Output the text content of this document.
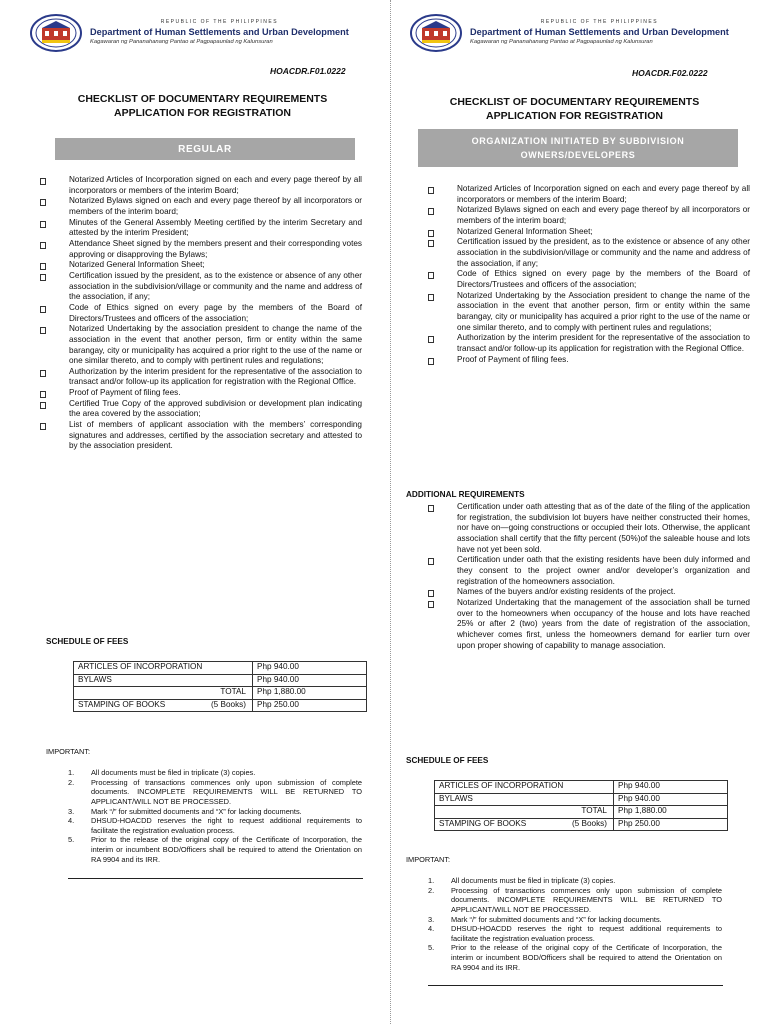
REPUBLIC OF THE PHILIPPINES
Department of Human Settlements and Urban Development
Kagawaran ng Pananahanang Pantao at Pagpapaunlad ng Kalunsuran
HOACDR.F01.0222
CHECKLIST OF DOCUMENTARY REQUIREMENTS
APPLICATION FOR REGISTRATION
REGULAR
Notarized Articles of Incorporation signed on each and every page thereof by all incorporators or members of the interim Board;
Notarized Bylaws signed on each and every page thereof by all incorporators or members of the interim board;
Minutes of the General Assembly Meeting certified by the interim Secretary and attested by the interim President;
Attendance Sheet signed by the members present and their corresponding votes approving or disapproving the Bylaws;
Notarized General Information Sheet;
Certification issued by the president, as to the existence or absence of any other association in the subdivision/village or community and the name and address of the association, if any;
Code of Ethics signed on every page by the members of the Board of Directors/Trustees and officers of the association;
Notarized Undertaking by the association president to change the name of the association in the event that another person, firm or entity within the same barangay, city or municipality has acquired a prior right to the use of the name or one similar thereto, and to comply with pertinent rules and regulations;
Authorization by the interim president for the representative of the association to transact and/or follow-up its application for registration with the Regional Office.
Proof of Payment of filing fees.
Certified True Copy of the approved subdivision or development plan indicating the area covered by the association;
List of members of applicant association with the members’ corresponding signatures and addresses, certified by the association secretary and attested to by the association president.
SCHEDULE OF FEES
ARTICLES OF INCORPORATION	Php 940.00
BYLAWS	Php 940.00
TOTAL	Php 1,880.00
STAMPING OF BOOKS (5 Books)	Php 250.00
IMPORTANT:
1. All documents must be filed in triplicate (3) copies.
2. Processing of transactions commences only upon submission of complete documents. INCOMPLETE REQUIREMENTS WILL BE RETURNED TO APPLICANT/WILL NOT BE PROCESSED.
3. Mark “/” for submitted documents and “X” for lacking documents.
4. DHSUD-HOACDD reserves the right to request additional requirements to facilitate the registration evaluation process.
5. Prior to the release of the original copy of the Certificate of Incorporation, the interim or incumbent BOD/Officers shall be required to attend the Orientation on RA 9904 and its IRR.
REPUBLIC OF THE PHILIPPINES
Department of Human Settlements and Urban Development
Kagawaran ng Pananahanang Pantao at Pagpapaunlad ng Kalunsuran
HOACDR.F02.0222
CHECKLIST OF DOCUMENTARY REQUIREMENTS
APPLICATION FOR REGISTRATION
ORGANIZATION INITIATED BY SUBDIVISION
OWNERS/DEVELOPERS
Notarized Articles of Incorporation signed on each and every page thereof by all incorporators or members of the interim Board;
Notarized Bylaws signed on each and every page thereof by all incorporators or members of the interim board;
Notarized General Information Sheet;
Certification issued by the president, as to the existence or absence of any other association in the subdivision/village or community and the name and address of the association, if any;
Code of Ethics signed on every page by the members of the Board of Directors/Trustees and officers of the association;
Notarized Undertaking by the Association president to change the name of the association in the event that another person, firm or entity within the same barangay, city or municipality has acquired a prior right to the use of the name or one similar thereto, and to comply with pertinent rules and regulations;
Authorization by the interim president for the representative of the association to transact and/or follow-up its application for registration with the Regional Office.
Proof of Payment of filing fees.
ADDITIONAL REQUIREMENTS
Certification under oath attesting that as of the date of the filing of the application for registration, the subdivision lot buyers have neither constructed their homes, nor have on—going constructions or occupied their lots. Otherwise, the applicant association shall certify that the fifty percent (50%)of the saleable house and lots have not yet been sold.
Certification under oath that the existing residents have been duly informed and they consent to the project owner and/or developer’s organization and registration of the homeowners association.
Names of the buyers and/or existing residents of the project.
Notarized Undertaking that the management of the association shall be turned over to the homeowners when occupancy of the house and lots have reached 25% or after 2 (two) years from the date of registration of the association, whichever comes first, unless the homeowners demand for earlier turn over upon proper showing of capability to manage association.
SCHEDULE OF FEES
ARTICLES OF INCORPORATION	Php 940.00
BYLAWS	Php 940.00
TOTAL	Php 1,880.00
STAMPING OF BOOKS (5 Books)	Php 250.00
IMPORTANT:
1. All documents must be filed in triplicate (3) copies.
2. Processing of transactions commences only upon submission of complete documents. INCOMPLETE REQUIREMENTS WILL BE RETURNED TO APPLICANT/WILL NOT BE PROCESSED.
3. Mark “/” for submitted documents and “X” for lacking documents.
4. DHSUD-HOACDD reserves the right to request additional requirements to facilitate the registration evaluation process.
5. Prior to the release of the original copy of the Certificate of Incorporation, the interim or incumbent BOD/Officers shall be required to attend the Orientation on RA 9904 and its IRR.
